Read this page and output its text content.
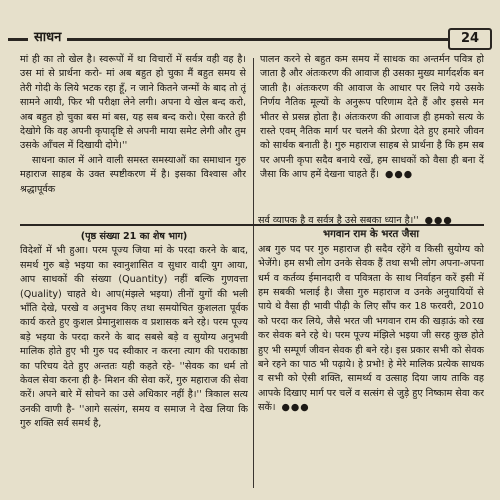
साधन	24

मां ही का तो खेल है। स्वरूपों में था विचारों में सर्वत्र वही वह है। उस मां से प्रार्थना करो- मां अब बहुत हो चुका मैं बहुत समय से तेरी गोदी के लिये भटक रहा हूँ, न जाने कितने जन्मों के बाद तो तूं सामने आयी, फिर भी परीक्षा लेने लगी। अपना ये खेल बन्द करो, अब बहुत हो चुका बस मां बस, यह सब बन्द करो। ऐसा करते ही देखोगे कि वह अपनी कृपादृष्टि से अपनी माया समेट लेगी और तुम उसके आँचल में दिखायी दोगे।''

साधना काल में आने वाली समस्त समस्याओं का समाधान गुरु महाराज साहब के उक्त स्पष्टीकरण में है। इसका विश्वास और श्रद्धापूर्वक

पालन करने से बहुत कम समय में साधक का अन्तर्मन पवित्र हो जाता है और अंतःकरण की आवाज ही उसका मुख्य मार्गदर्शक बन जाती है। अंतःकरण की आवाज के आधार पर लिये गये उसके निर्णय नैतिक मूल्यों के अनुरूप परिणाम देते हैं और इससे मन भीतर से प्रसन्न होता है। अंतःकरण की आवाज ही हमको सत्य के रास्ते एवम् नैतिक मार्ग पर चलने की प्रेरणा देते हुए हमारे जीवन को सार्थक बनाती है। गुरु महाराज साहब से प्रार्थना है कि हम सब पर अपनी कृपा सदैव बनाये रखें, हम साधकों को वैसा ही बना दें जैसा कि आप हमें देखना चाहते हैं। ●●●

(पृष्ठ संख्या 21 का शेष भाग)

विदेशों में भी हुआ। परम पूज्य जिया मां के परदा करने के बाद, समर्थ गुरु बड़े भइया का स्वानुशासित व सुधार वादी युग आया, आप साधकों की संख्या (Quantity) नहीं बल्कि गुणवत्ता (Quality) चाहते थे। आप(मंझले भइया) तीनों युगों की भली भाँति देखे, परखे व अनुभव किए तथा समयोचित कुशलता पूर्वक कार्य करते हुए कुशल प्रेमानुशासक व प्रशासक बने रहे। परम पूज्य बड़े भइया के परदा करने के बाद सबसे बड़े व सुयोग्य अनुभवी मालिक होते हुए भी गुरु पद स्वीकार न करना त्याग की पराकाष्ठा का परिचय देते हुए अन्ततः यही कहते रहे- ''सेवक का धर्म तो केवल सेवा करना ही है- मिशन की सेवा करें, गुरु महाराज की सेवा करें। अपने बारे में सोचने का उसे अधिकार नहीं है।'' त्रिकाल सत्य उनकी वाणी है- ''आगे सत्संग, समय व समाज ने देख लिया कि गुरु शक्ति सर्व समर्थ है,

सर्व व्यापक है व सर्वत्र है उसे सबका ध्यान है।'' ●●●

भगवान राम के भरत जैसा

अब गुरु पद पर गुरु महाराज ही सदैव रहेंगे व किसी सुयोग्य को भेजेंगे। हम सभी लोग उनके सेवक हैं तथा सभी लोग अपना-अपना धर्म व कर्तव्य ईमानदारी व पवित्रता के साथ निर्वाहन करें इसी में हम सबकी भलाई है। जैसा गुरु महाराज व उनके अनुयायियों से पाये थे वैसा ही भावी पीढ़ी के लिए सौंप कर 18 फरवरी, 2010 को परदा कर लिये, जैसे भरत जी भगवान राम की खड़ाऊं को रख कर सेवक बने रहे थे। परम पूज्य मंझिले भइया जी सरह कुछ होते हुए भी सम्पूर्ण जीवन सेवक ही बने रहे। इस प्रकार सभी को सेवक बने रहने का पाठ भी पढ़ाये। हे प्रभो! हे मेरे मालिक प्रत्येक साधक व सभी को ऐसी शक्ति, सामर्थ्य व उत्साह दिया जाय ताकि वह आपके दिखाए मार्ग पर चलें व सत्संग से जुड़े हुए निष्काम सेवा कर सकें। ●●●
